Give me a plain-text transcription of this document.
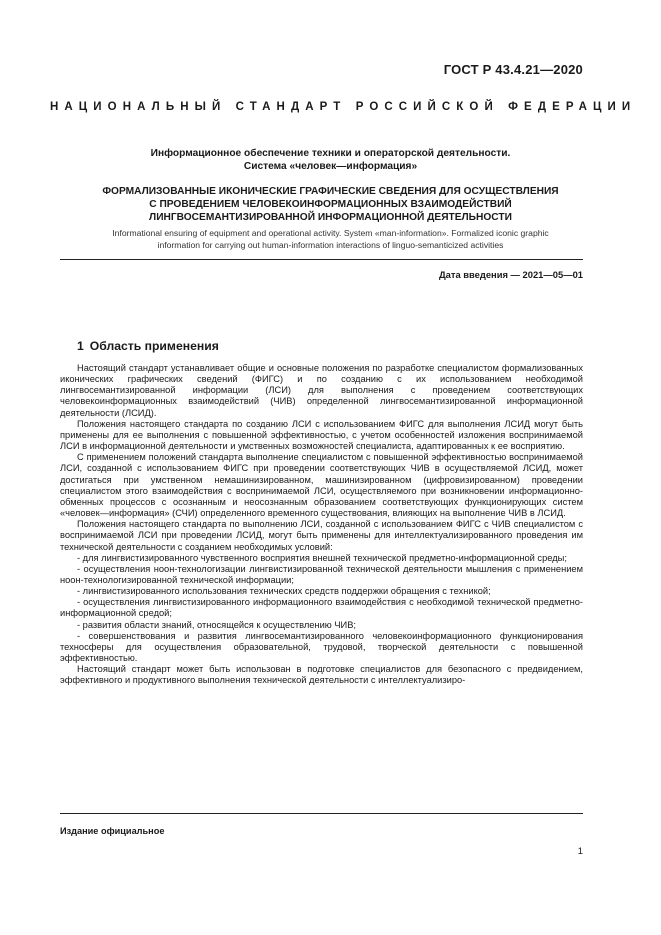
ГОСТ Р 43.4.21—2020
НАЦИОНАЛЬНЫЙ СТАНДАРТ РОССИЙСКОЙ ФЕДЕРАЦИИ
Информационное обеспечение техники и операторской деятельности.
Система «человек—информация»
ФОРМАЛИЗОВАННЫЕ ИКОНИЧЕСКИЕ ГРАФИЧЕСКИЕ СВЕДЕНИЯ ДЛЯ ОСУЩЕСТВЛЕНИЯ
С ПРОВЕДЕНИЕМ ЧЕЛОВЕКОИНФОРМАЦИОННЫХ ВЗАИМОДЕЙСТВИЙ
ЛИНГВОСЕМАНТИЗИРОВАННОЙ ИНФОРМАЦИОННОЙ ДЕЯТЕЛЬНОСТИ
Informational ensuring of equipment and operational activity. System «man-information». Formalized iconic graphic
information for carrying out human-information interactions of linguo-semanticized activities
Дата введения — 2021—05—01
1 Область применения

Настоящий стандарт устанавливает общие и основные положения по разработке специалистом формализованных иконических графических сведений (ФИГС) и по созданию с их использованием необходимой лингвосемантизированной информации (ЛСИ) для выполнения с проведением соответствующих человекоинформационных взаимодействий (ЧИВ) определенной лингвосемантизированной информационной деятельности (ЛСИД).

Положения настоящего стандарта по созданию ЛСИ с использованием ФИГС для выполнения ЛСИД могут быть применены для ее выполнения с повышенной эффективностью, с учетом особенностей изложения воспринимаемой ЛСИ в информационной деятельности и умственных возможностей специалиста, адаптированных к ее восприятию.

С применением положений стандарта выполнение специалистом с повышенной эффективностью воспринимаемой ЛСИ, созданной с использованием ФИГС при проведении соответствующих ЧИВ в осуществляемой ЛСИД, может достигаться при умственном немашинизированном, машинизированном (цифровизированном) проведении специалистом этого взаимодействия с воспринимаемой ЛСИ, осуществляемого при возникновении информационно-обменных процессов с осознанным и неосознанным образованием соответствующих функционирующих систем «человек—информация» (СЧИ) определенного временного существования, влияющих на выполнение ЧИВ в ЛСИД.

Положения настоящего стандарта по выполнению ЛСИ, созданной с использованием ФИГС с ЧИВ специалистом с воспринимаемой ЛСИ при проведении ЛСИД, могут быть применены для интеллектуализированного проведения им технической деятельности с созданием необходимых условий:

- для лингвистизированного чувственного восприятия внешней технической предметно-информационной среды;

- осуществления ноон-технологизации лингвистизированной технической деятельности мышления с применением ноон-технологизированной технической информации;

- лингвистизированного использования технических средств поддержки обращения с техникой;

- осуществления лингвистизированного информационного взаимодействия с необходимой технической предметно-информационной средой;

- развития области знаний, относящейся к осуществлению ЧИВ;

- совершенствования и развития лингвосемантизированного человекоинформационного функционирования техносферы для осуществления образовательной, трудовой, творческой деятельности с повышенной эффективностью.

Настоящий стандарт может быть использован в подготовке специалистов для безопасного с предвидением, эффективного и продуктивного выполнения технической деятельности с интеллектуализиро-

Издание официальное
1
